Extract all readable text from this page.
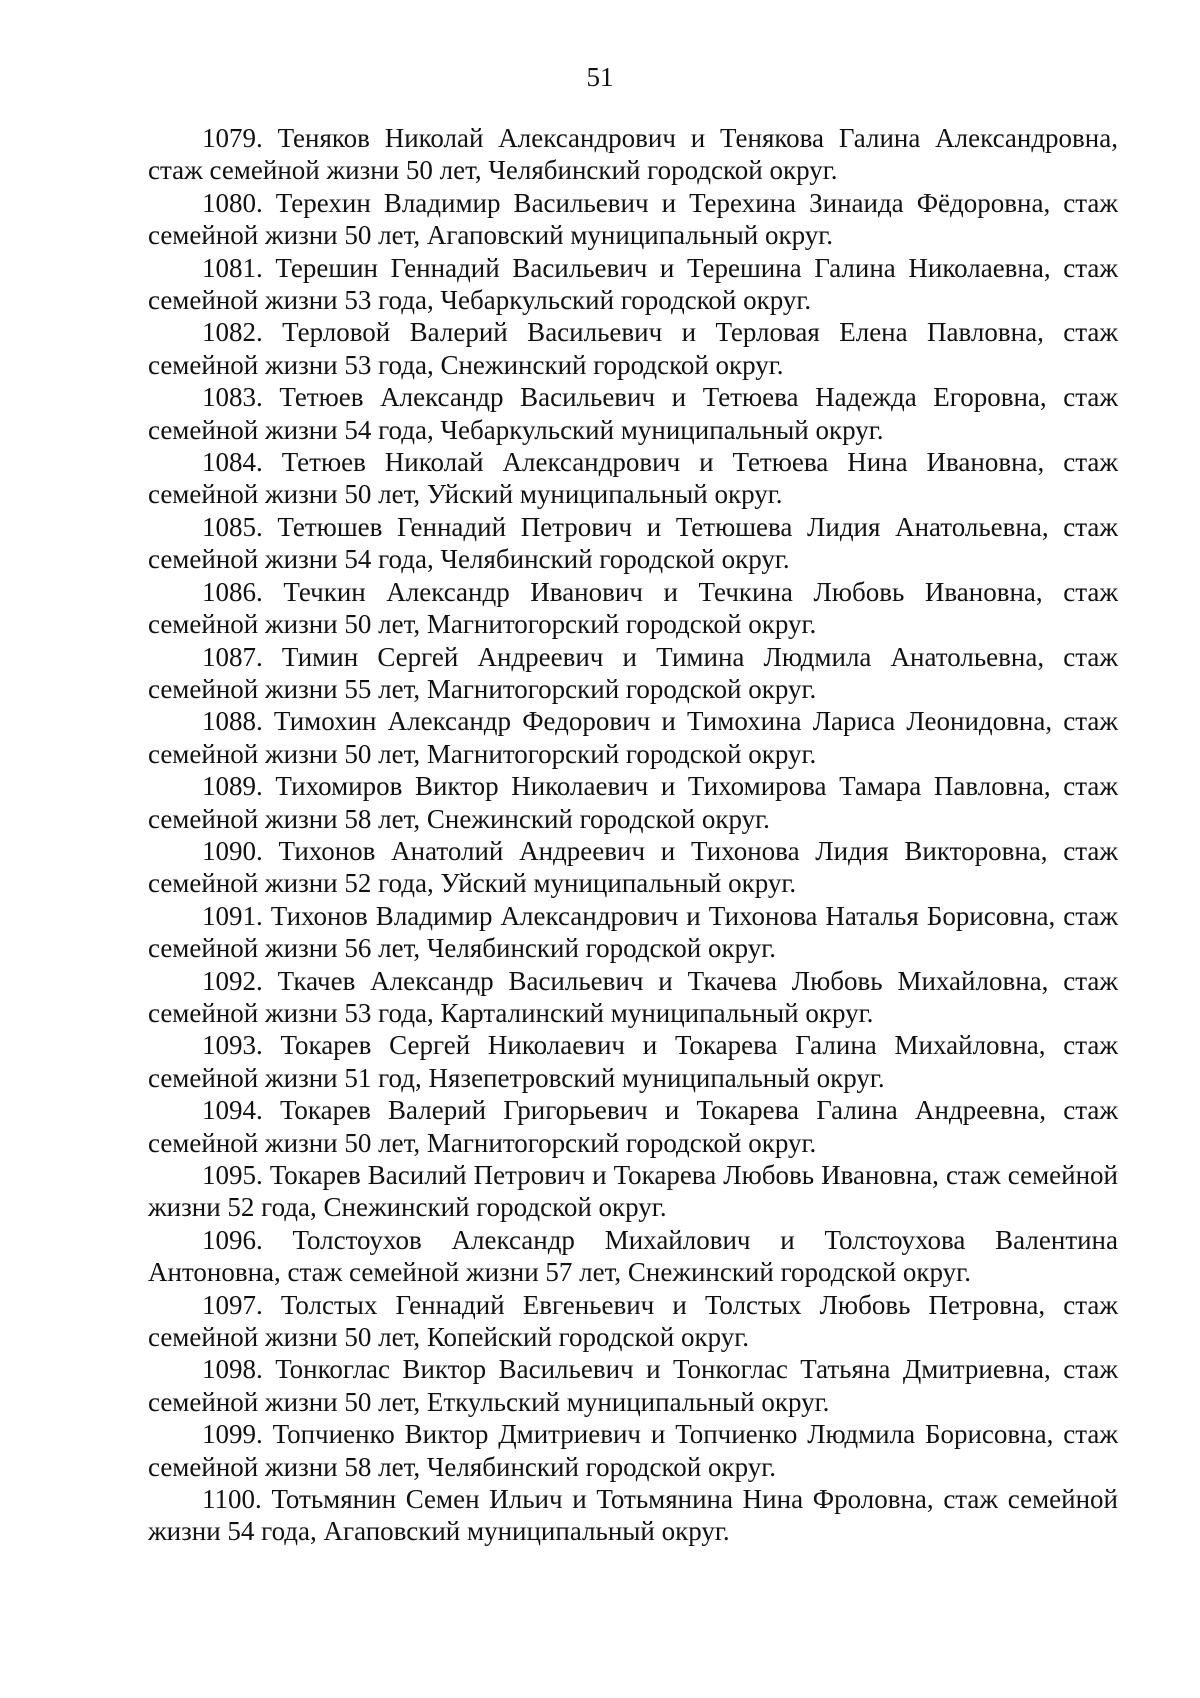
51

1079. Теняков Николай Александрович и Тенякова Галина Александровна, стаж семейной жизни 50 лет, Челябинский городской округ.

1080. Терехин Владимир Васильевич и Терехина Зинаида Фёдоровна, стаж семейной жизни 50 лет, Агаповский муниципальный округ.

1081. Терешин Геннадий Васильевич и Терешина Галина Николаевна, стаж семейной жизни 53 года, Чебаркульский городской округ.

1082. Терловой Валерий Васильевич и Терловая Елена Павловна, стаж семейной жизни 53 года, Снежинский городской округ.

1083. Тетюев Александр Васильевич и Тетюева Надежда Егоровна, стаж семейной жизни 54 года, Чебаркульский муниципальный округ.

1084. Тетюев Николай Александрович и Тетюева Нина Ивановна, стаж семейной жизни 50 лет, Уйский муниципальный округ.

1085. Тетюшев Геннадий Петрович и Тетюшева Лидия Анатольевна, стаж семейной жизни 54 года, Челябинский городской округ.

1086. Течкин Александр Иванович и Течкина Любовь Ивановна, стаж семейной жизни 50 лет, Магнитогорский городской округ.

1087. Тимин Сергей Андреевич и Тимина Людмила Анатольевна, стаж семейной жизни 55 лет, Магнитогорский городской округ.

1088. Тимохин Александр Федорович и Тимохина Лариса Леонидовна, стаж семейной жизни 50 лет, Магнитогорский городской округ.

1089. Тихомиров Виктор Николаевич и Тихомирова Тамара Павловна, стаж семейной жизни 58 лет, Снежинский городской округ.

1090. Тихонов Анатолий Андреевич и Тихонова Лидия Викторовна, стаж семейной жизни 52 года, Уйский муниципальный округ.

1091. Тихонов Владимир Александрович и Тихонова Наталья Борисовна, стаж семейной жизни 56 лет, Челябинский городской округ.

1092. Ткачев Александр Васильевич и Ткачева Любовь Михайловна, стаж семейной жизни 53 года, Карталинский муниципальный округ.

1093. Токарев Сергей Николаевич и Токарева Галина Михайловна, стаж семейной жизни 51 год, Нязепетровский муниципальный округ.

1094. Токарев Валерий Григорьевич и Токарева Галина Андреевна, стаж семейной жизни 50 лет, Магнитогорский городской округ.

1095. Токарев Василий Петрович и Токарева Любовь Ивановна, стаж семейной жизни 52 года, Снежинский городской округ.

1096. Толстоухов Александр Михайлович и Толстоухова Валентина Антоновна, стаж семейной жизни 57 лет, Снежинский городской округ.

1097. Толстых Геннадий Евгеньевич и Толстых Любовь Петровна, стаж семейной жизни 50 лет, Копейский городской округ.

1098. Тонкоглас Виктор Васильевич и Тонкоглас Татьяна Дмитриевна, стаж семейной жизни 50 лет, Еткульский муниципальный округ.

1099. Топчиенко Виктор Дмитриевич и Топчиенко Людмила Борисовна, стаж семейной жизни 58 лет, Челябинский городской округ.

1100. Тотьмянин Семен Ильич и Тотьмянина Нина Фроловна, стаж семейной жизни 54 года, Агаповский муниципальный округ.
